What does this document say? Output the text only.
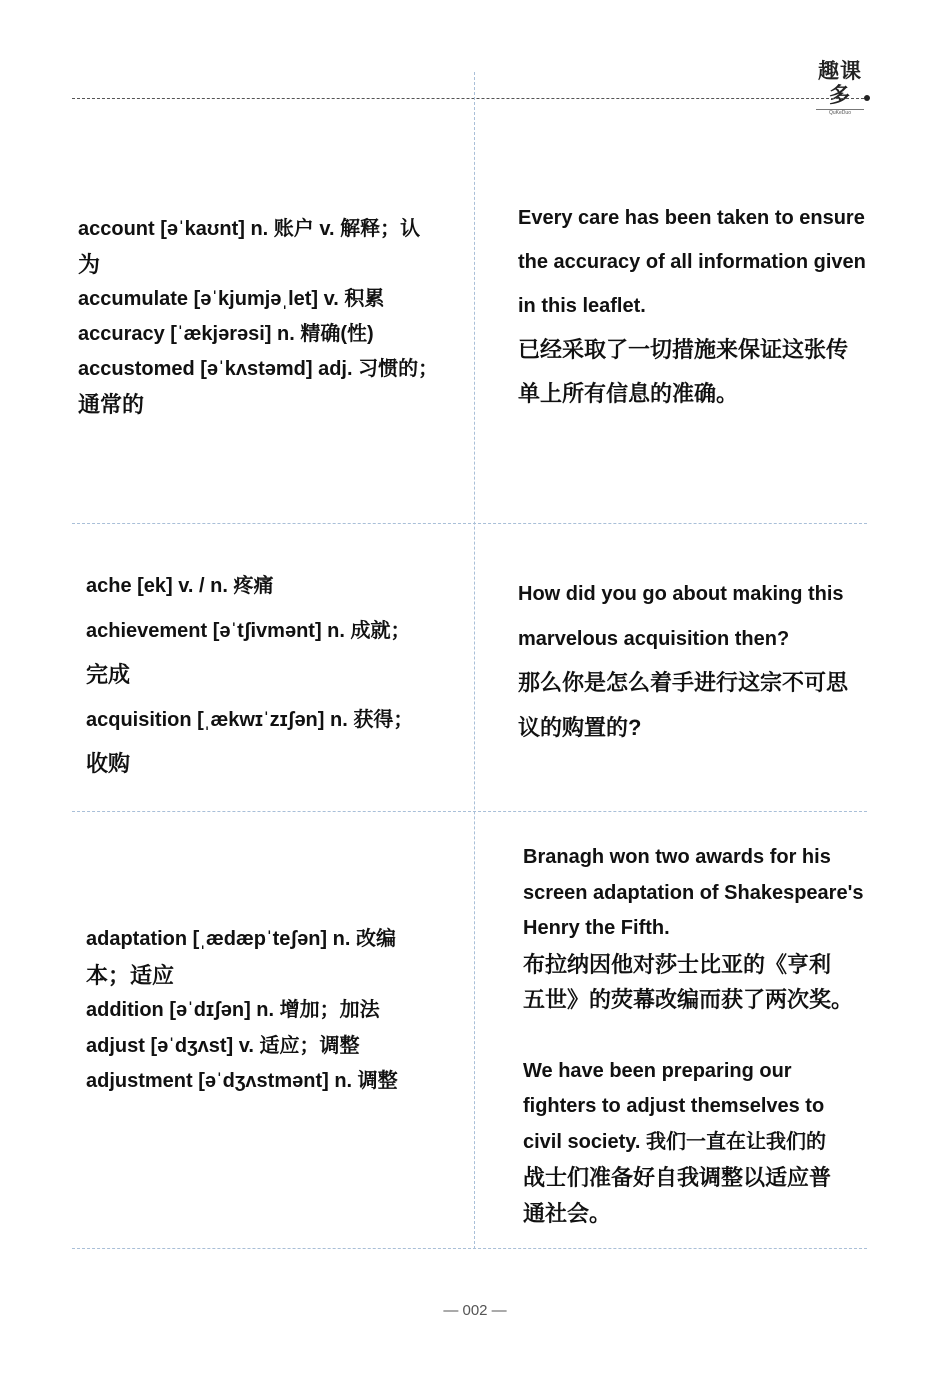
趣课多
QuKeDuo
account [əˈkaʊnt] n. 账户 v. 解释；认
为
accumulate [əˈkjumjəˌlet] v. 积累
accuracy [ˈækjərəsi] n. 精确(性)
accustomed [əˈkʌstəmd] adj. 习惯的；
通常的
Every care has been taken to ensure
the accuracy of all information given
in this leaflet.
已经采取了一切措施来保证这张传
单上所有信息的准确。
ache [ek] v. / n. 疼痛
achievement [əˈtʃivmənt] n. 成就；
完成
acquisition [ˌækwɪˈzɪʃən] n. 获得；
收购
How did you go about making this
marvelous acquisition then?
那么你是怎么着手进行这宗不可思
议的购置的?
adaptation [ˌædæpˈteʃən] n. 改编
本；适应
addition [əˈdɪʃən] n. 增加；加法
adjust [əˈdʒʌst] v. 适应；调整
adjustment [əˈdʒʌstmənt] n. 调整
Branagh won two awards for his
screen adaptation of Shakespeare's
Henry the Fifth.
布拉纳因他对莎士比亚的《亨利
五世》的荧幕改编而获了两次奖。
We have been preparing our
fighters to adjust themselves to
civil society. 我们一直在让我们的
战士们准备好自我调整以适应普
通社会。
— 002 —
